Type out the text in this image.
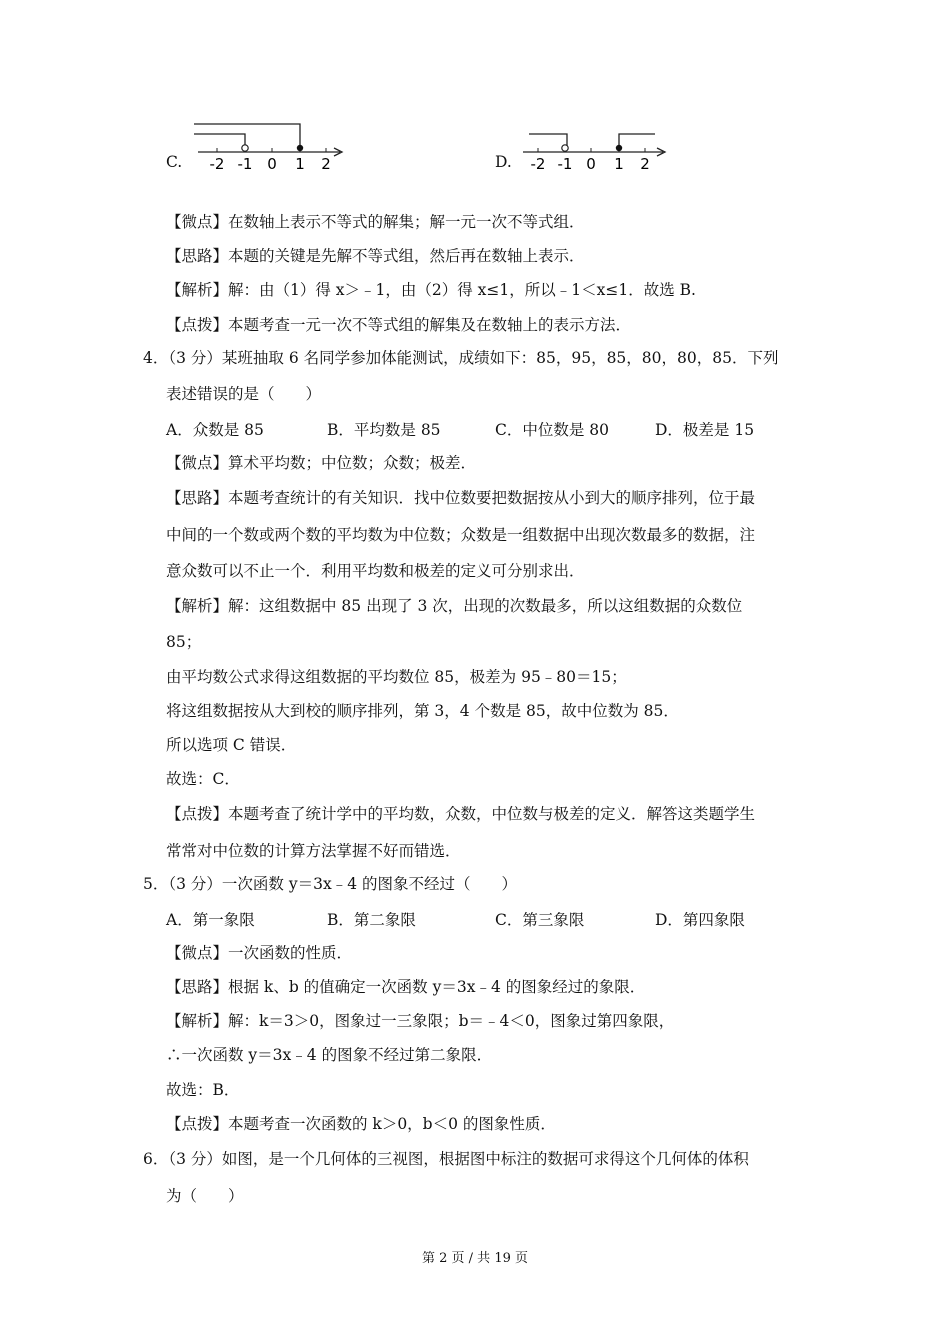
C. -2 -1 0 1 2	D. -2 -1 0 1 2
【微点】在数轴上表示不等式的解集；解一元一次不等式组．
【思路】本题的关键是先解不等式组，然后再在数轴上表示．
【解析】解：由（1）得 x＞﹣1，由（2）得 x≤1，所以﹣1＜x≤1．故选 B.
【点拨】本题考查一元一次不等式组的解集及在数轴上的表示方法．
4．（3 分）某班抽取 6 名同学参加体能测试，成绩如下：85，95，85，80，80，85．下列
表述错误的是（　　）
A．众数是 85	B．平均数是 85	C．中位数是 80	D．极差是 15
【微点】算术平均数；中位数；众数；极差．
【思路】本题考查统计的有关知识．找中位数要把数据按从小到大的顺序排列，位于最
中间的一个数或两个数的平均数为中位数；众数是一组数据中出现次数最多的数据，注
意众数可以不止一个．利用平均数和极差的定义可分别求出．
【解析】解：这组数据中 85 出现了 3 次，出现的次数最多，所以这组数据的众数位
85；
由平均数公式求得这组数据的平均数位 85，极差为 95﹣80＝15；
将这组数据按从大到校的顺序排列，第 3，4 个数是 85，故中位数为 85．
所以选项 C 错误．
故选：C．
【点拨】本题考查了统计学中的平均数，众数，中位数与极差的定义．解答这类题学生
常常对中位数的计算方法掌握不好而错选．
5．（3 分）一次函数 y＝3x﹣4 的图象不经过（　　）
A．第一象限	B．第二象限	C．第三象限	D．第四象限
【微点】一次函数的性质．
【思路】根据 k、b 的值确定一次函数 y＝3x﹣4 的图象经过的象限．
【解析】解：k＝3＞0，图象过一三象限；b＝﹣4＜0，图象过第四象限，
∴一次函数 y＝3x﹣4 的图象不经过第二象限．
故选：B．
【点拨】本题考查一次函数的 k＞0，b＜0 的图象性质．
6．（3 分）如图，是一个几何体的三视图，根据图中标注的数据可求得这个几何体的体积
为（　　）
第 2 页 / 共 19 页
